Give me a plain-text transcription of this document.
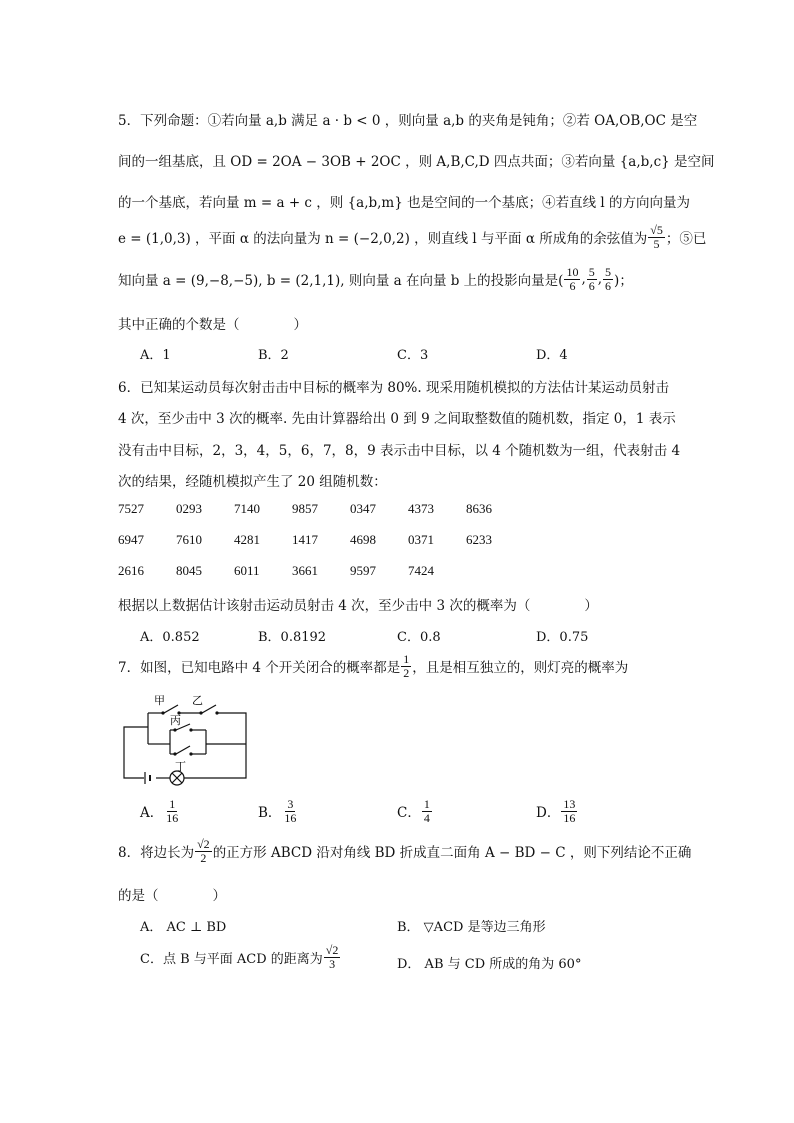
5．下列命题：①若向量 a,b 满足 a · b < 0 ，则向量 a,b 的夹角是钝角；②若 OA,OB,OC 是空
间的一组基底，且 OD = 2OA − 3OB + 2OC ，则 A,B,C,D 四点共面；③若向量 {a,b,c} 是空间
的一个基底，若向量 m = a + c ，则 {a,b,m} 也是空间的一个基底；④若直线 l 的方向向量为
e = (1,0,3) ，平面 α 的法向量为 n = (−2,0,2) ，则直线 l 与平面 α 所成角的余弦值为 $\frac{√5}{5}$ ；⑤已
知向量 a = (9,−8,−5), b = (2,1,1), 则向量 a 在向量 b 上的投影向量是( $\frac{10}{6}$ , $\frac{5}{6}$ , $\frac{5}{6}$ )；
其中正确的个数是（　　　　）
A．1	B．2	C．3	D．4
6．已知某运动员每次射击击中目标的概率为 80%. 现采用随机模拟的方法估计某运动员射击
4 次，至少击中 3 次的概率. 先由计算器给出 0 到 9 之间取整数值的随机数，指定 0，1 表示
没有击中目标，2，3，4，5，6，7，8，9 表示击中目标，以 4 个随机数为一组，代表射击 4
次的结果，经随机模拟产生了 20 组随机数：
7527 0293 7140 9857 0347 4373 8636
6947 7610 4281 1417 4698 0371 6233
2616 8045 6011 3661 9597 7424
根据以上数据估计该射击运动员射击 4 次，至少击中 3 次的概率为（　　　　）
A．0.852	B．0.8192	C．0.8	D．0.75
7．如图，已知电路中 4 个开关闭合的概率都是 $\frac{1}{2}$ ，且是相互独立的，则灯亮的概率为
甲 乙
丙
丁
A． $\frac{1}{16}$	B． $\frac{3}{16}$	C． $\frac{1}{4}$	D． $\frac{13}{16}$
8．将边长为 $\frac{√2}{2}$ 的正方形 ABCD 沿对角线 BD 折成直二面角 A − BD − C ，则下列结论不正确
的是（　　　　）
A． AC ⊥ BD	B． ▽ACD 是等边三角形
C．点 B 与平面 ACD 的距离为 $\frac{√2}{3}$	D． AB 与 CD 所成的角为 60°
